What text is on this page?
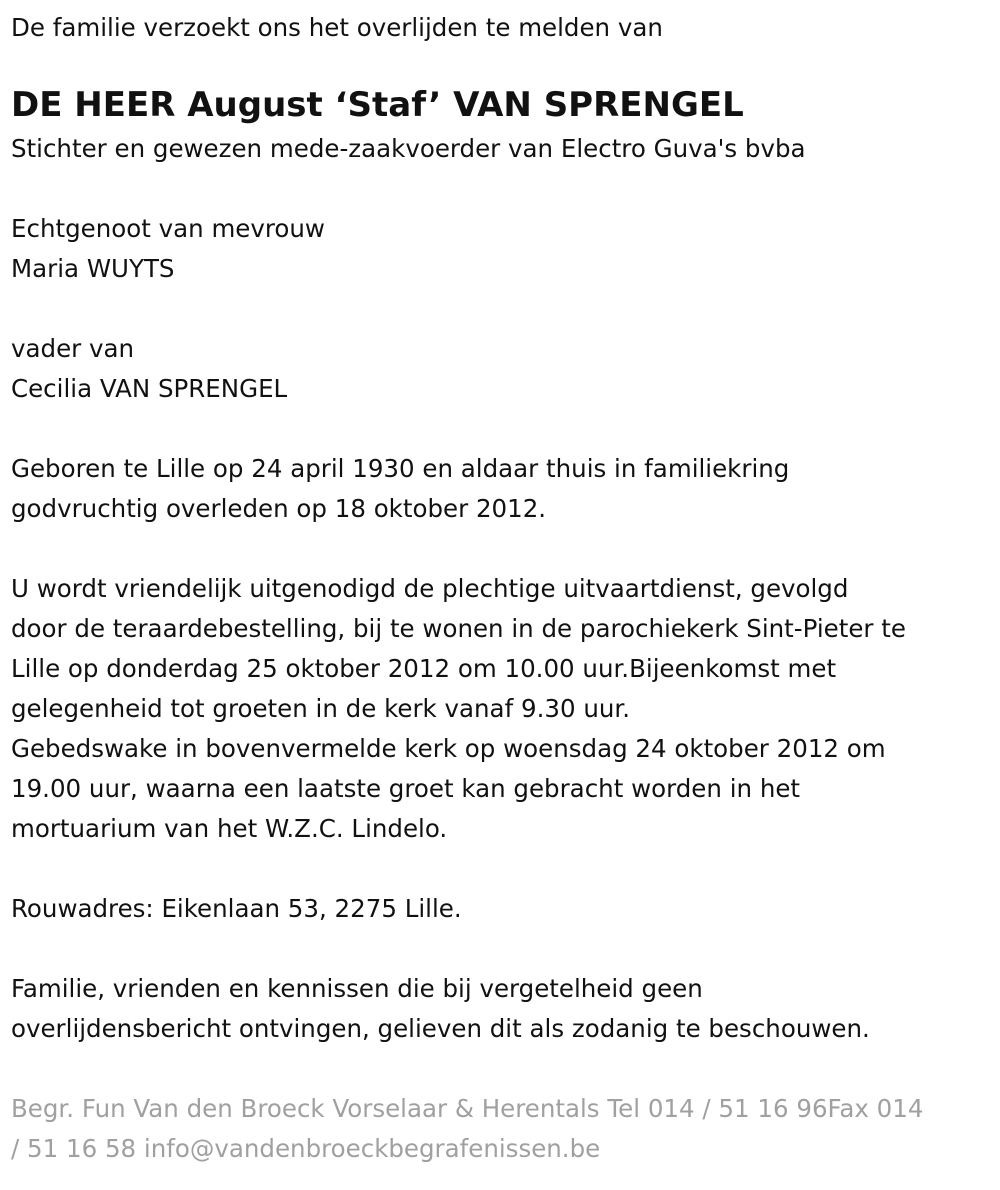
De familie verzoekt ons het overlijden te melden van

DE HEER August ‘Staf’ VAN SPRENGEL

Stichter en gewezen mede-zaakvoerder van Electro Guva's bvba

Echtgenoot van mevrouw

Maria WUYTS

vader van

Cecilia VAN SPRENGEL

Geboren te Lille op 24 april 1930 en aldaar thuis in familiekring

godvruchtig overleden op 18 oktober 2012.

U wordt vriendelijk uitgenodigd de plechtige uitvaartdienst, gevolgd

door de teraardebestelling, bij te wonen in de parochiekerk Sint-Pieter te

Lille op donderdag 25 oktober 2012 om 10.00 uur.Bijeenkomst met

gelegenheid tot groeten in de kerk vanaf 9.30 uur.

Gebedswake in bovenvermelde kerk op woensdag 24 oktober 2012 om

19.00 uur, waarna een laatste groet kan gebracht worden in het

mortuarium van het W.Z.C. Lindelo.

Rouwadres: Eikenlaan 53, 2275 Lille.

Familie, vrienden en kennissen die bij vergetelheid geen

overlijdensbericht ontvingen, gelieven dit als zodanig te beschouwen.

Begr. Fun Van den Broeck Vorselaar & Herentals Tel 014 / 51 16 96Fax 014

/ 51 16 58 info@vandenbroeckbegrafenissen.be
